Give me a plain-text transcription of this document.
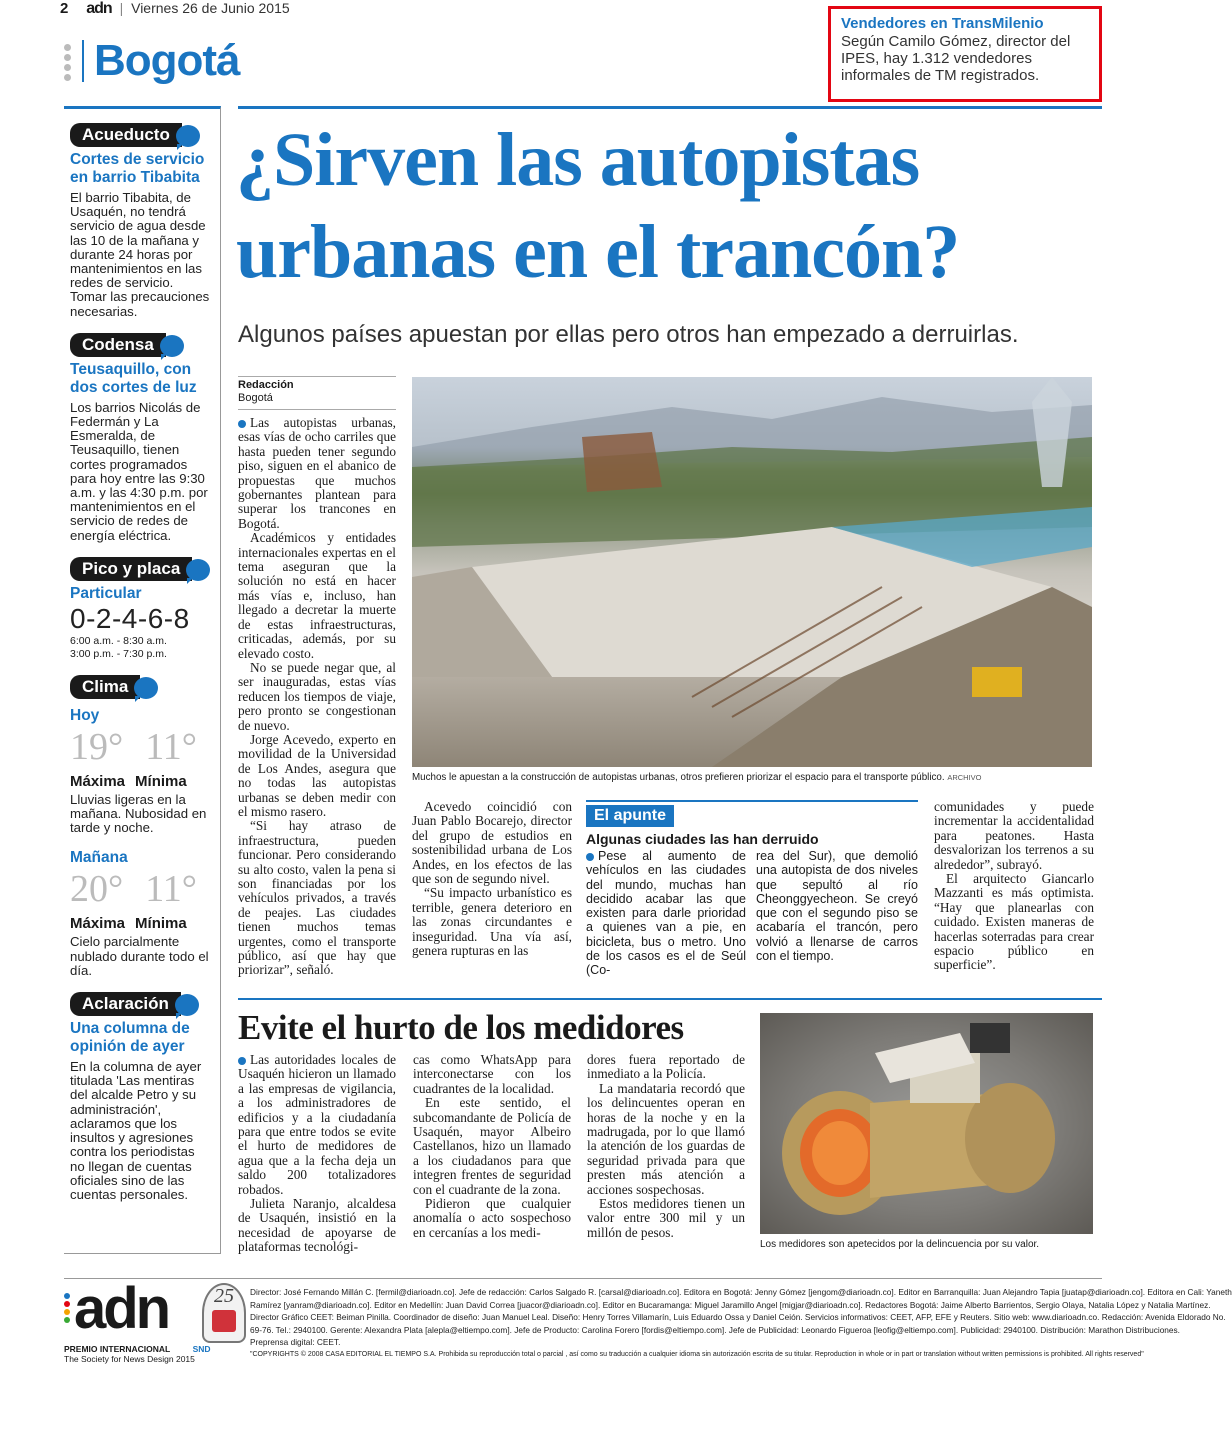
2 adn | Viernes 26 de Junio 2015
Bogotá
Vendedores en TransMilenio
Según Camilo Gómez, director del IPES, hay 1.312 vendedores informales de TM registrados.
Acueducto
Cortes de servicio en barrio Tibabita
El barrio Tibabita, de Usaquén, no tendrá servicio de agua desde las 10 de la mañana y durante 24 horas por mantenimientos en las redes de servicio. Tomar las precauciones necesarias.
Codensa
Teusaquillo, con dos cortes de luz
Los barrios Nicolás de Federmán y La Esmeralda, de Teusaquillo, tienen cortes programados para hoy entre las 9:30 a.m. y las 4:30 p.m. por mantenimientos en el servicio de redes de energía eléctrica.
Pico y placa
Particular
0-2-4-6-8
6:00 a.m. - 8:30 a.m.
3:00 p.m. - 7:30 p.m.
Clima
Hoy
19° 11°
Máxima Mínima
Lluvias ligeras en la mañana. Nubosidad en tarde y noche.
Mañana
20° 11°
Máxima Mínima
Cielo parcialmente nublado durante todo el día.
Aclaración
Una columna de opinión de ayer
En la columna de ayer titulada 'Las mentiras del alcalde Petro y su administración', aclaramos que los insultos y agresiones contra los periodistas no llegan de cuentas oficiales sino de las cuentas personales.
¿Sirven las autopistas
urbanas en el trancón?
Algunos países apuestan por ellas pero otros han empezado a derruirlas.
Redacción
Bogotá

Las autopistas urbanas, esas vías de ocho carriles que hasta pueden tener segundo piso, siguen en el abanico de propuestas que muchos gobernantes plantean para superar los trancones en Bogotá.

Académicos y entidades internacionales expertas en el tema aseguran que la solución no está en hacer más vías e, incluso, han llegado a decretar la muerte de estas infraestructuras, criticadas, además, por su elevado costo.

No se puede negar que, al ser inauguradas, estas vías reducen los tiempos de viaje, pero pronto se congestionan de nuevo.

Jorge Acevedo, experto en movilidad de la Universidad de Los Andes, asegura que no todas las autopistas urbanas se deben medir con el mismo rasero.

“Si hay atraso de infraestructura, pueden funcionar. Pero considerando su alto costo, valen la pena si son financiadas por los vehículos privados, a través de peajes. Las ciudades tienen muchos temas urgentes, como el transporte público, así que hay que priorizar”, señaló.

Muchos le apuestan a la construcción de autopistas urbanas, otros prefieren priorizar el espacio para el transporte público. ARCHIVO

Acevedo coincidió con Juan Pablo Bocarejo, director del grupo de estudios en sostenibilidad urbana de Los Andes, en los efectos de las que son de segundo nivel.

“Su impacto urbanístico es terrible, genera deterioro en las zonas circundantes e inseguridad. Una vía así, genera rupturas en las

El apunte
Algunas ciudades las han derruido
Pese al aumento de vehículos en las ciudades del mundo, muchas han decidido acabar las que existen para darle prioridad a quienes van a pie, en bicicleta, bus o metro. Uno de los casos es el de Seúl (Co-
rea del Sur), que demolió una autopista de dos niveles que sepultó al río Cheonggyecheon. Se creyó que con el segundo piso se acabaría el trancón, pero volvió a llenarse de carros con el tiempo.

comunidades y puede incrementar la accidentalidad para peatones. Hasta desvalorizan los terrenos a su alrededor”, subrayó.

El arquitecto Giancarlo Mazzanti es más optimista. “Hay que planearlas con cuidado. Existen maneras de hacerlas soterradas para crear espacio público en superficie”.

Evite el hurto de los medidores

Las autoridades locales de Usaquén hicieron un llamado a las empresas de vigilancia, a los administradores de edificios y a la ciudadanía para que entre todos se evite el hurto de medidores de agua que a la fecha deja un saldo 200 totalizadores robados.

Julieta Naranjo, alcaldesa de Usaquén, insistió en la necesidad de apoyarse de plataformas tecnológi-

cas como WhatsApp para interconectarse con los cuadrantes de la localidad.

En este sentido, el subcomandante de Policía de Usaquén, mayor Albeiro Castellanos, hizo un llamado a los ciudadanos para que integren frentes de seguridad con el cuadrante de la zona.

Pidieron que cualquier anomalía o acto sospechoso en cercanías a los medi-

dores fuera reportado de inmediato a la Policía.

La mandataria recordó que los delincuentes operan en horas de la noche y en la madrugada, por lo que llamó la atención de los guardas de seguridad privada para que presten más atención a acciones sospechosas.

Estos medidores tienen un valor entre 300 mil y un millón de pesos.

Los medidores son apetecidos por la delincuencia por su valor.
adn	25
PREMIO INTERNACIONAL	SND
The Society for News Design 2015
Director: José Fernando Millán C. [fermil@diarioadn.co]. Jefe de redacción: Carlos Salgado R. [carsal@diarioadn.co]. Editora en Bogotá: Jenny Gómez [jengom@diarioadn.co]. Editor en Barranquilla: Juan Alejandro Tapia [juatap@diarioadn.co]. Editora en Cali: Yaneth
Ramírez [yanram@diarioadn.co]. Editor en Medellín: Juan David Correa [juacor@diarioadn.co]. Editor en Bucaramanga: Miguel Jaramillo Angel [migjar@diarioadn.co]. Redactores Bogotá: Jaime Alberto Barrientos, Sergio Olaya, Natalia López y Natalia Martínez.
Director Gráfico CEET: Beiman Pinilla. Coordinador de diseño: Juan Manuel Leal. Diseño: Henry Torres Villamarín, Luis Eduardo Ossa y Daniel Ceión. Servicios informativos: CEET, AFP, EFE y Reuters. Sitio web: www.diarioadn.co. Redacción: Avenida Eldorado No.
69-76. Tel.: 2940100. Gerente: Alexandra Plata [alepla@eltiempo.com]. Jefe de Producto: Carolina Forero [fordis@eltiempo.com]. Jefe de Publicidad: Leonardo Figueroa [leofig@eltiempo.com]. Publicidad: 2940100. Distribución: Marathon Distribuciones.
Preprensa digital: CEET.
"COPYRIGHTS © 2008 CASA EDITORIAL EL TIEMPO S.A. Prohibida su reproducción total o parcial , así como su traducción a cualquier idioma sin autorización escrita de su titular. Reproduction in whole or in part or translation without written permissions is prohibited. All rights reserved"
